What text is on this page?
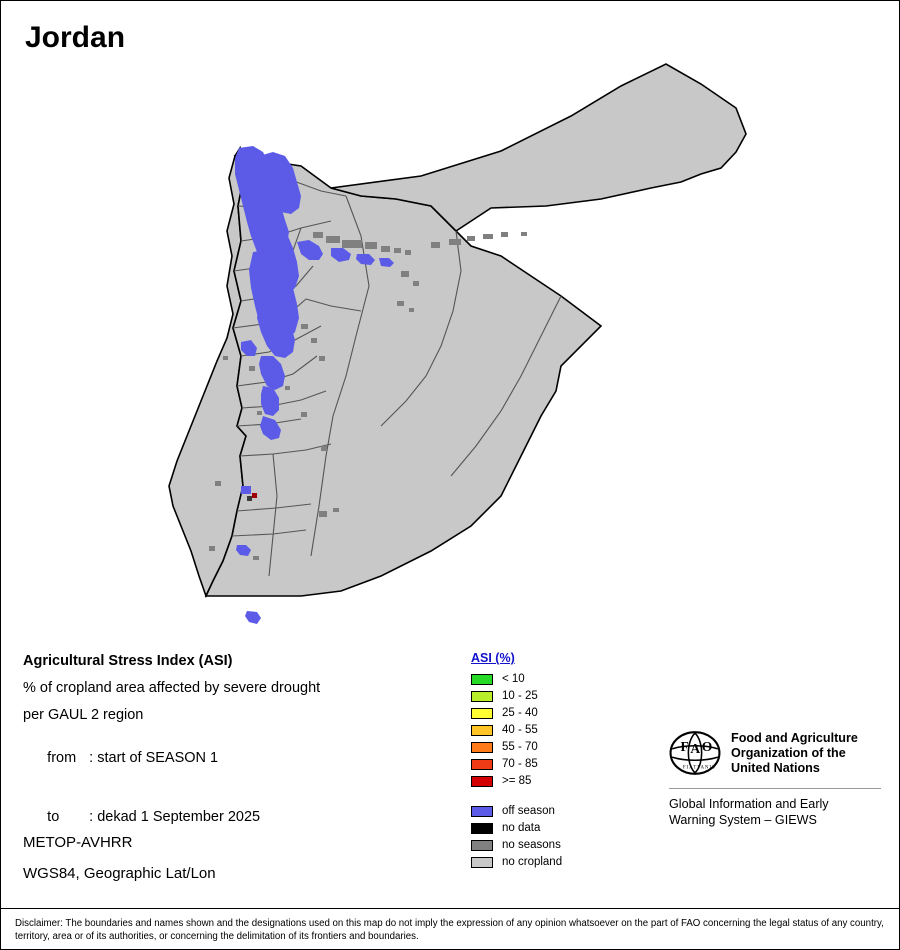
Jordan
Agricultural Stress Index (ASI)
% of cropland area affected by severe drought
per GAUL 2 region

from : start of SEASON 1

to : dekad 1 September 2025

METOP-AVHRR
WGS84, Geographic Lat/Lon
ASI (%)
< 10
10 - 25
25 - 40
40 - 55
55 - 70
70 - 85
>= 85
off season
no data
no seasons
no cropland
F A O
F I A T P A N I S
Food and Agriculture
Organization of the
United Nations
Global Information and Early
Warning System – GIEWS
Disclaimer: The boundaries and names shown and the designations used on this map do not imply the expression of any opinion whatsoever on the part of FAO concerning the legal status of any country, territory, area or of its authorities, or concerning the delimitation of its frontiers and boundaries.
